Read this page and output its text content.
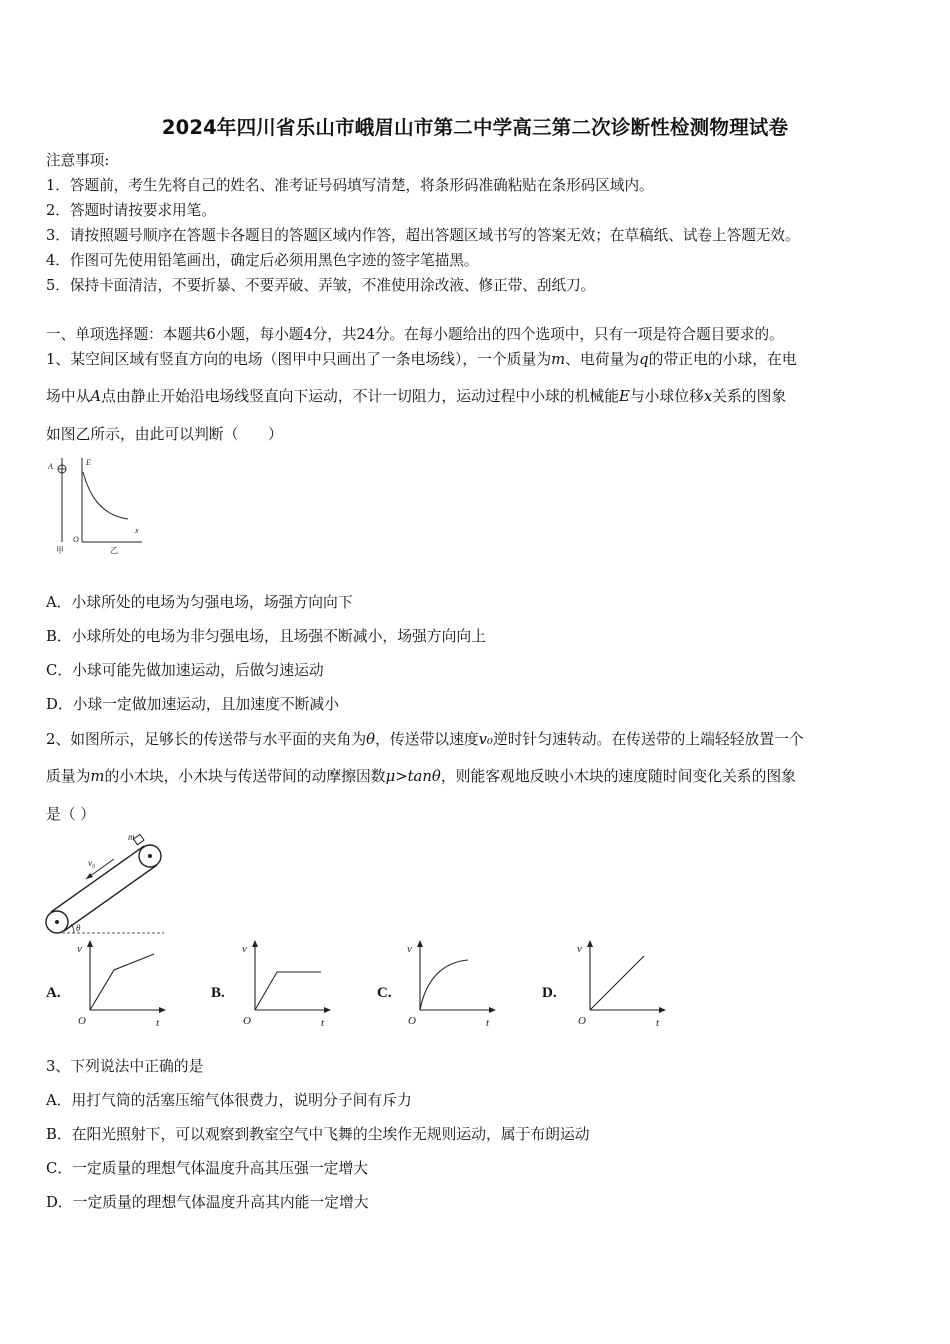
2024年四川省乐山市峨眉山市第二中学高三第二次诊断性检测物理试卷
注意事项:
1．答题前，考生先将自己的姓名、准考证号码填写清楚，将条形码准确粘贴在条形码区域内。
2．答题时请按要求用笔。
3．请按照题号顺序在答题卡各题目的答题区域内作答，超出答题区域书写的答案无效；在草稿纸、试卷上答题无效。
4．作图可先使用铅笔画出，确定后必须用黑色字迹的签字笔描黑。
5．保持卡面清洁，不要折暴、不要弄破、弄皱，不准使用涂改液、修正带、刮纸刀。
一、单项选择题：本题共6小题，每小题4分，共24分。在每小题给出的四个选项中，只有一项是符合题目要求的。
1、某空间区域有竖直方向的电场（图甲中只画出了一条电场线），一个质量为m、电荷量为q的带正电的小球，在电
场中从A点由静止开始沿电场线竖直向下运动，不计一切阻力，运动过程中小球的机械能E与小球位移x关系的图象
如图乙所示，由此可以判断（　　）
A
甲
E
O
x
乙
A．小球所处的电场为匀强电场，场强方向向下
B．小球所处的电场为非匀强电场，且场强不断减小，场强方向向上
C．小球可能先做加速运动，后做匀速运动
D．小球一定做加速运动，且加速度不断减小
2、如图所示，足够长的传送带与水平面的夹角为θ，传送带以速度v₀逆时针匀速转动。在传送带的上端轻轻放置一个
质量为m的小木块，小木块与传送带间的动摩擦因数μ>tanθ，则能客观地反映小木块的速度随时间变化关系的图象
是（ ）
m
v₀
θ
A.
v
O	t
B.
v
O	t
C.
v
O	t
D.
v
O	t
3、下列说法中正确的是
A．用打气筒的活塞压缩气体很费力，说明分子间有斥力
B．在阳光照射下，可以观察到教室空气中飞舞的尘埃作无规则运动，属于布朗运动
C．一定质量的理想气体温度升高其压强一定增大
D．一定质量的理想气体温度升高其内能一定增大
